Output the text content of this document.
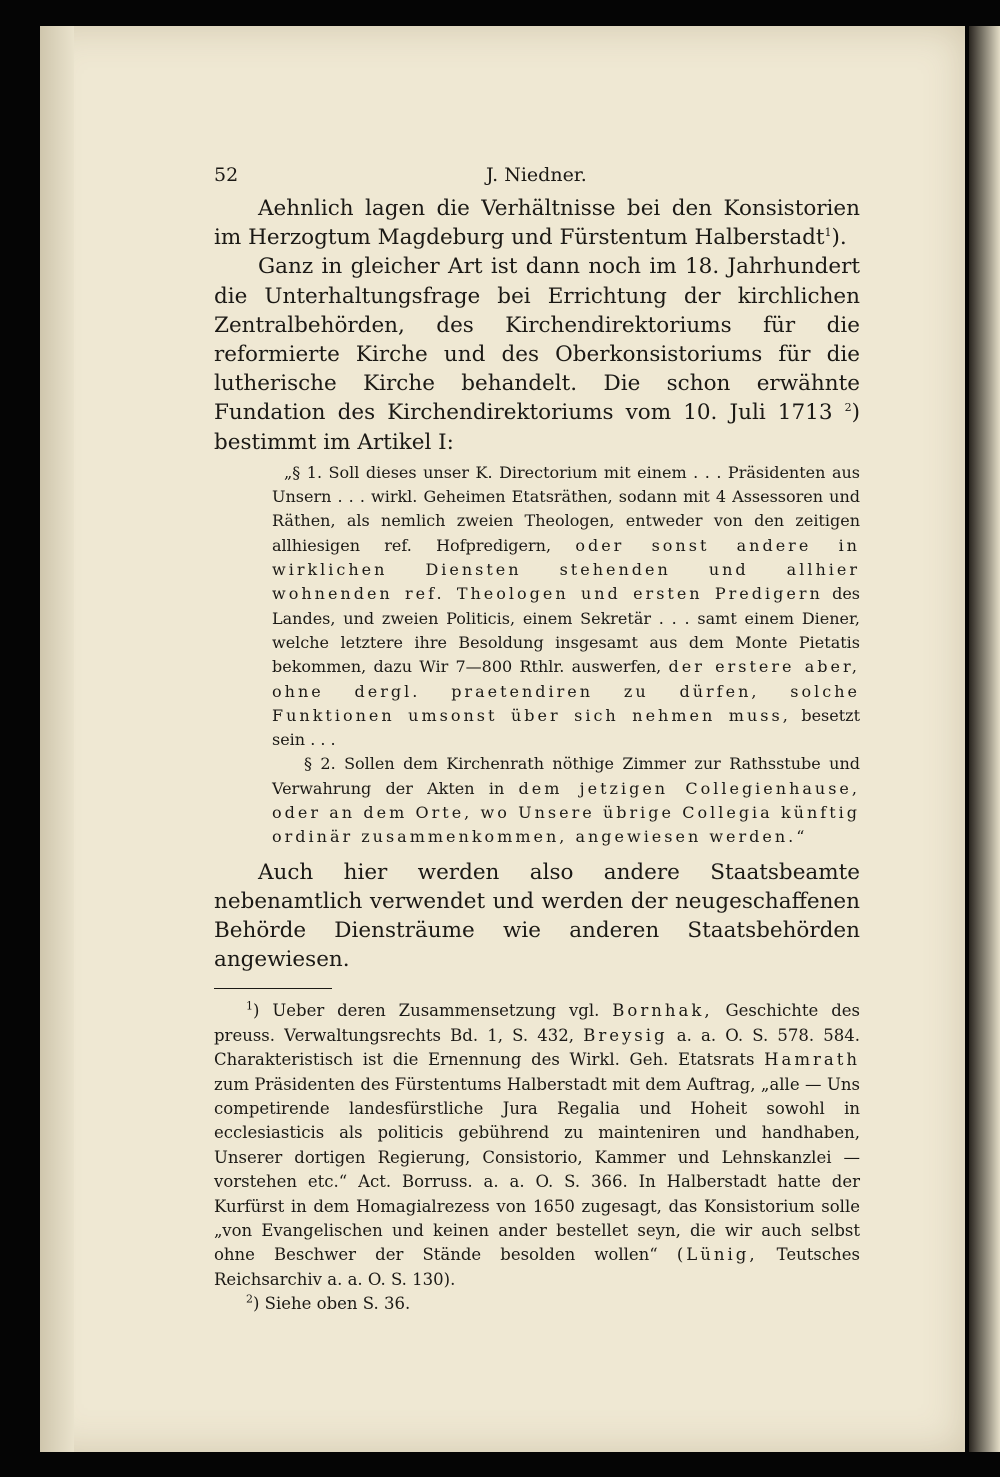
52	J. Niedner.

Aehnlich lagen die Verhältnisse bei den Konsistorien im Herzogtum Magdeburg und Fürstentum Halberstadt$^1$).

Ganz in gleicher Art ist dann noch im 18. Jahrhundert die Unterhaltungsfrage bei Errichtung der kirchlichen Zentralbehörden, des Kirchendirektoriums für die reformierte Kirche und des Oberkonsistoriums für die lutherische Kirche behandelt. Die schon erwähnte Fundation des Kirchendirektoriums vom 10. Juli 1713 $^2$) bestimmt im Artikel I:

„§ 1. Soll dieses unser K. Directorium mit einem . . . Präsidenten aus Unsern . . . wirkl. Geheimen Etatsräthen, sodann mit 4 Assessoren und Räthen, als nemlich zweien Theologen, entweder von den zeitigen allhiesigen ref. Hofpredigern, oder sonst andere in wirklichen Diensten stehenden und allhier wohnenden ref. Theologen und ersten Predigern des Landes, und zweien Politicis, einem Sekretär . . . samt einem Diener, welche letztere ihre Besoldung insgesamt aus dem Monte Pietatis bekommen, dazu Wir 7—800 Rthlr. auswerfen, der erstere aber, ohne dergl. praetendiren zu dürfen, solche Funktionen umsonst über sich nehmen muss, besetzt sein . . .

§ 2. Sollen dem Kirchenrath nöthige Zimmer zur Rathsstube und Verwahrung der Akten in dem jetzigen Collegienhause, oder an dem Orte, wo Unsere übrige Collegia künftig ordinär zusammenkommen, angewiesen werden.“

Auch hier werden also andere Staatsbeamte nebenamtlich verwendet und werden der neugeschaffenen Behörde Diensträume wie anderen Staatsbehörden angewiesen.

$^1$) Ueber deren Zusammensetzung vgl. Bornhak, Geschichte des preuss. Verwaltungsrechts Bd. 1, S. 432, Breysig a. a. O. S. 578. 584. Charakteristisch ist die Ernennung des Wirkl. Geh. Etatsrats Hamrath zum Präsidenten des Fürstentums Halberstadt mit dem Auftrag, „alle — Uns competirende landesfürstliche Jura Regalia und Hoheit sowohl in ecclesiasticis als politicis gebührend zu mainteniren und handhaben, Unserer dortigen Regierung, Consistorio, Kammer und Lehnskanzlei — vorstehen etc.“ Act. Borruss. a. a. O. S. 366. In Halberstadt hatte der Kurfürst in dem Homagialrezess von 1650 zugesagt, das Konsistorium solle „von Evangelischen und keinen ander bestellet seyn, die wir auch selbst ohne Beschwer der Stände besolden wollen“ (Lünig, Teutsches Reichsarchiv a. a. O. S. 130).

$^2$) Siehe oben S. 36.
